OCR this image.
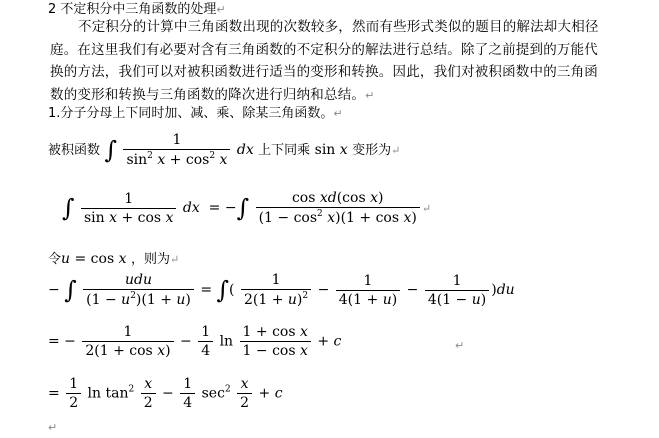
2 不定积分中三角函数的处理↵
不定积分的计算中三角函数出现的次数较多，然而有些形式类似的题目的解法却大相径庭。在这里我们有必要对含有三角函数的不定积分的解法进行总结。除了之前提到的万能代换的方法，我们可以对被积函数进行适当的变形和转换。因此，我们对被积函数中的三角函数的变形和转换与三角函数的降次进行归纳和总结。↵
1.分子分母上下同时加、减、乘、除某三角函数。↵
被积函数 ∫ $\frac{1}{\sin^2 x + \cos^2 x}$ dx 上下同乘 sin x 变形为↵
∫ $\frac{1}{\text{sin x + cos x}}$ dx  = −∫ $\frac{\text{cos xd(cos x)}}{(1 - \cos^2 x)(1 + \cos x)}$ ↵
令u = cos x ，则为↵
− ∫ $\frac{\text{udu}}{(1 - u^2)(1 + u)}$ = ∫( $\frac{1}{2(1 + u)^2} - \frac{1}{4(1 + u)} - \frac{1}{4(1 - u)} )du$
= − $\frac{1}{\text{2(1 + cos x)}} - \frac{1}{4}$ $\ln \frac{\text{1 + cos x}}{\text{1 − cos x}} + c$	↵
= $\frac{1}{2}$ $\ln \tan^2 \frac{x}{2} - \frac{1}{4} \sec^2 \frac{x}{2} + c$
↵
